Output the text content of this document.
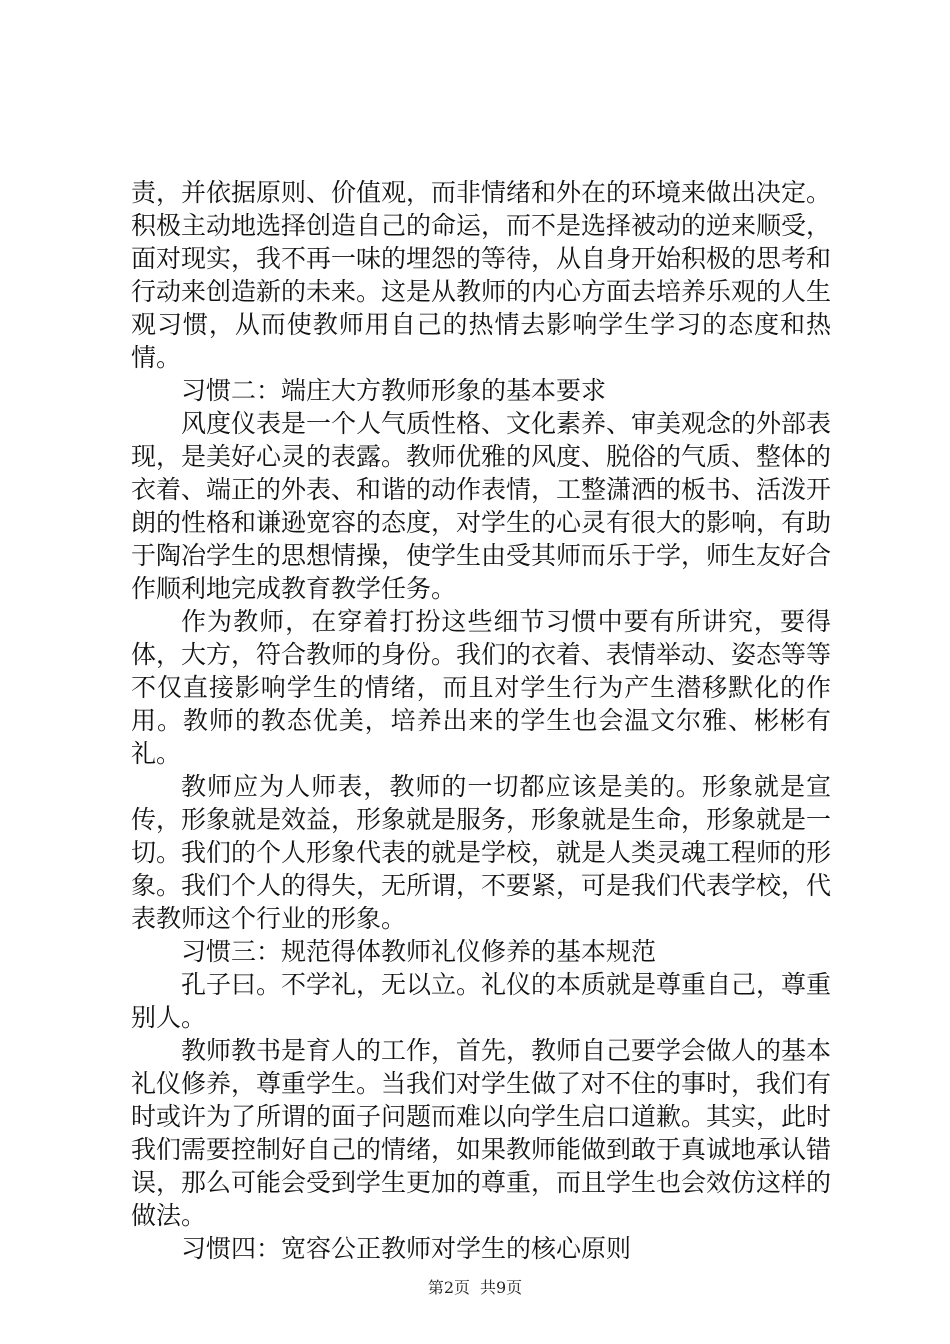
责，并依据原则、价值观，而非情绪和外在的环境来做出决定。积极主动地选择创造自己的命运，而不是选择被动的逆来顺受，面对现实，我不再一味的埋怨的等待，从自身开始积极的思考和行动来创造新的未来。这是从教师的内心方面去培养乐观的人生观习惯，从而使教师用自己的热情去影响学生学习的态度和热情。

习惯二：端庄大方教师形象的基本要求

风度仪表是一个人气质性格、文化素养、审美观念的外部表现，是美好心灵的表露。教师优雅的风度、脱俗的气质、整体的衣着、端正的外表、和谐的动作表情，工整潇洒的板书、活泼开朗的性格和谦逊宽容的态度，对学生的心灵有很大的影响，有助于陶冶学生的思想情操，使学生由受其师而乐于学，师生友好合作顺利地完成教育教学任务。

作为教师，在穿着打扮这些细节习惯中要有所讲究，要得体，大方，符合教师的身份。我们的衣着、表情举动、姿态等等不仅直接影响学生的情绪，而且对学生行为产生潜移默化的作用。教师的教态优美，培养出来的学生也会温文尔雅、彬彬有礼。

教师应为人师表，教师的一切都应该是美的。形象就是宣传，形象就是效益，形象就是服务，形象就是生命，形象就是一切。我们的个人形象代表的就是学校，就是人类灵魂工程师的形象。我们个人的得失，无所谓，不要紧，可是我们代表学校，代表教师这个行业的形象。

习惯三：规范得体教师礼仪修养的基本规范

孔子曰。不学礼，无以立。礼仪的本质就是尊重自己，尊重别人。

教师教书是育人的工作，首先，教师自己要学会做人的基本礼仪修养，尊重学生。当我们对学生做了对不住的事时，我们有时或许为了所谓的面子问题而难以向学生启口道歉。其实，此时我们需要控制好自己的情绪，如果教师能做到敢于真诚地承认错误，那么可能会受到学生更加的尊重，而且学生也会效仿这样的做法。

习惯四：宽容公正教师对学生的核心原则

第2页 共9页
